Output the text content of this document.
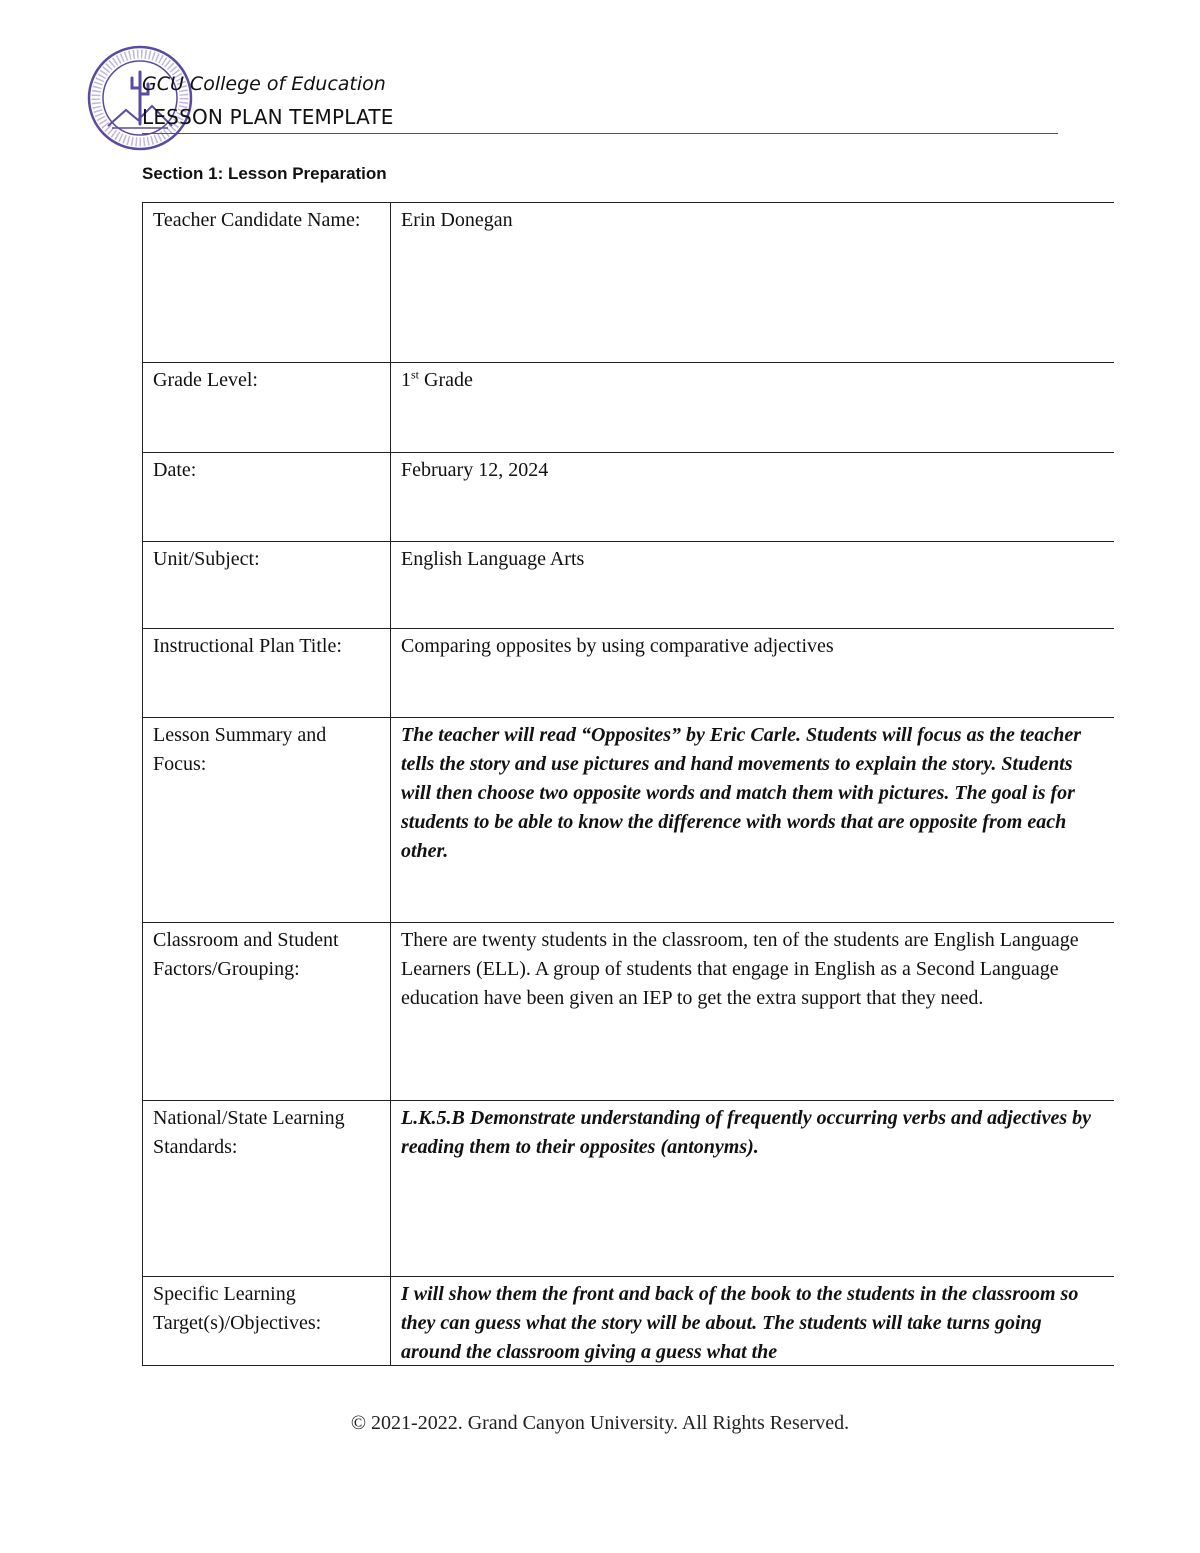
GCU College of Education
LESSON PLAN TEMPLATE
Section 1: Lesson Preparation
Teacher Candidate Name:	Erin Donegan
Grade Level:	1st Grade
Date:	February 12, 2024
Unit/Subject:	English Language Arts
Instructional Plan Title:	Comparing opposites by using comparative adjectives
Lesson Summary and Focus:	The teacher will read “Opposites” by Eric Carle. Students will focus as the teacher tells the story and use pictures and hand movements to explain the story. Students will then choose two opposite words and match them with pictures. The goal is for students to be able to know the difference with words that are opposite from each other.
Classroom and Student Factors/Grouping:	There are twenty students in the classroom, ten of the students are English Language Learners (ELL). A group of students that engage in English as a Second Language education have been given an IEP to get the extra support that they need.
National/State Learning Standards:	L.K.5.B Demonstrate understanding of frequently occurring verbs and adjectives by reading them to their opposites (antonyms).
Specific Learning Target(s)/Objectives:	I will show them the front and back of the book to the students in the classroom so they can guess what the story will be about. The students will take turns going around the classroom giving a guess what the
© 2021-2022. Grand Canyon University. All Rights Reserved.
